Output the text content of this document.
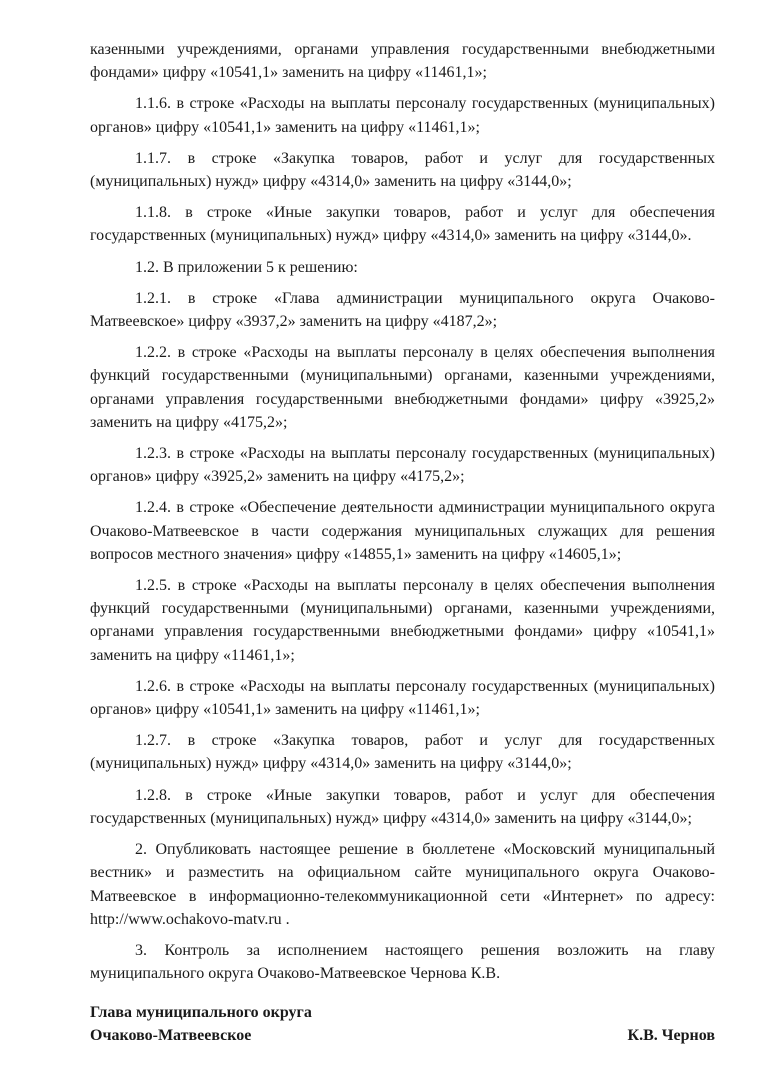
казенными учреждениями, органами управления государственными внебюджетными фондами» цифру «10541,1» заменить на цифру «11461,1»;

1.1.6. в строке «Расходы на выплаты персоналу государственных (муниципальных) органов» цифру «10541,1» заменить на цифру «11461,1»;

1.1.7. в строке «Закупка товаров, работ и услуг для государственных (муниципальных) нужд» цифру «4314,0» заменить на цифру «3144,0»;

1.1.8. в строке «Иные закупки товаров, работ и услуг для обеспечения государственных (муниципальных) нужд» цифру «4314,0» заменить на цифру «3144,0».

1.2. В приложении 5 к решению:

1.2.1. в строке «Глава администрации муниципального округа Очаково-Матвеевское» цифру «3937,2» заменить на цифру «4187,2»;

1.2.2. в строке «Расходы на выплаты персоналу в целях обеспечения выполнения функций государственными (муниципальными) органами, казенными учреждениями, органами управления государственными внебюджетными фондами» цифру «3925,2» заменить на цифру «4175,2»;

1.2.3. в строке «Расходы на выплаты персоналу государственных (муниципальных) органов» цифру «3925,2» заменить на цифру «4175,2»;

1.2.4. в строке «Обеспечение деятельности администрации муниципального округа Очаково-Матвеевское в части содержания муниципальных служащих для решения вопросов местного значения» цифру «14855,1» заменить на цифру «14605,1»;

1.2.5. в строке «Расходы на выплаты персоналу в целях обеспечения выполнения функций государственными (муниципальными) органами, казенными учреждениями, органами управления государственными внебюджетными фондами» цифру «10541,1» заменить на цифру «11461,1»;

1.2.6. в строке «Расходы на выплаты персоналу государственных (муниципальных) органов» цифру «10541,1» заменить на цифру «11461,1»;

1.2.7. в строке «Закупка товаров, работ и услуг для государственных (муниципальных) нужд» цифру «4314,0» заменить на цифру «3144,0»;

1.2.8. в строке «Иные закупки товаров, работ и услуг для обеспечения государственных (муниципальных) нужд» цифру «4314,0» заменить на цифру «3144,0»;

2. Опубликовать настоящее решение в бюллетене «Московский муниципальный вестник» и разместить на официальном сайте муниципального округа Очаково-Матвеевское в информационно-телекоммуникационной сети «Интернет» по адресу: http://www.ochakovo-matv.ru .

3. Контроль за исполнением настоящего решения возложить на главу муниципального округа Очаково-Матвеевское Чернова К.В.

Глава муниципального округа
Очаково-Матвеевское	К.В. Чернов
